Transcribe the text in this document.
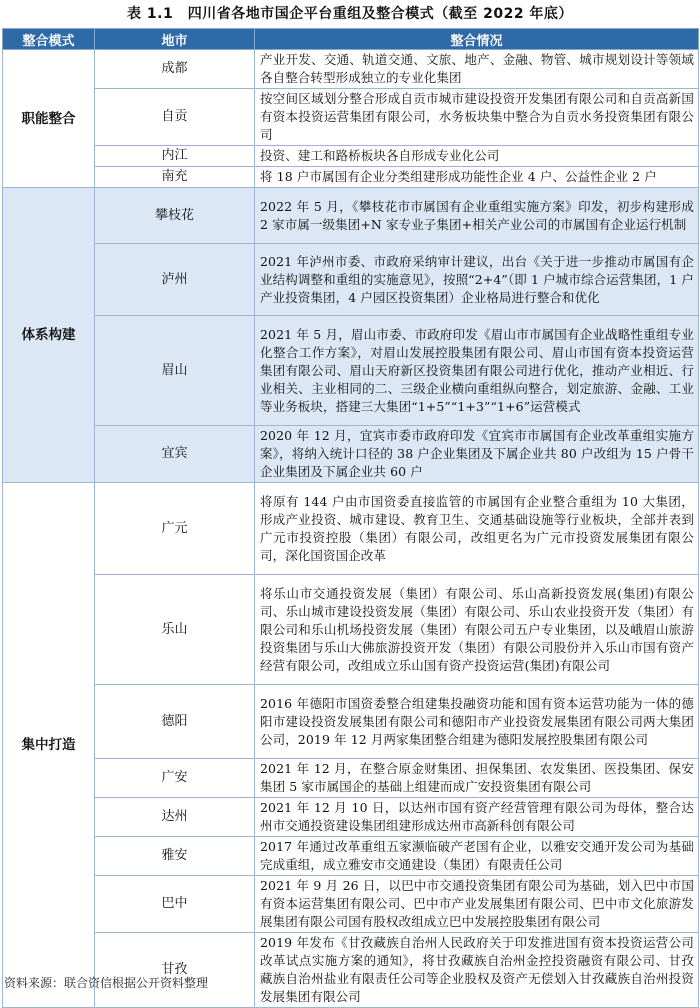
表 1.1　四川省各地市国企平台重组及整合模式（截至 2022 年底）
整合模式	地市	整合情况
职能整合	成都	产业开发、交通、轨道交通、文旅、地产、金融、物管、城市规划设计等领域各自整合转型形成独立的专业化集团
	自贡	按空间区域划分整合形成自贡市城市建设投资开发集团有限公司和自贡高新国有资本投资运营集团有限公司，水务板块集中整合为自贡水务投资集团有限公司
	内江	投资、建工和路桥板块各自形成专业化公司
	南充	将 18 户市属国有企业分类组建形成功能性企业 4 户、公益性企业 2 户
体系构建	攀枝花	2022 年 5 月，《攀枝花市市属国有企业重组实施方案》印发，初步构建形成 2 家市属一级集团+N 家专业子集团+相关产业公司的市属国有企业运行机制
	泸州	2021 年泸州市委、市政府采纳审计建议，出台《关于进一步推动市属国有企业结构调整和重组的实施意见》，按照“2+4”（即 1 户城市综合运营集团，1 户产业投资集团，4 户园区投资集团）企业格局进行整合和优化
	眉山	2021 年 5 月，眉山市委、市政府印发《眉山市市属国有企业战略性重组专业化整合工作方案》，对眉山发展控股集团有限公司、眉山市国有资本投资运营集团有限公司、眉山天府新区投资集团有限公司进行优化，推动产业相近、行业相关、主业相同的二、三级企业横向重组纵向整合，划定旅游、金融、工业等业务板块，搭建三大集团“1+5”“1+3”“1+6”运营模式
	宜宾	2020 年 12 月，宜宾市委市政府印发《宜宾市市属国有企业改革重组实施方案》，将纳入统计口径的 38 户企业集团及下属企业共 80 户改组为 15 户骨干企业集团及下属企业共 60 户
集中打造	广元	将原有 144 户由市国资委直接监管的市属国有企业整合重组为 10 大集团，形成产业投资、城市建设、教育卫生、交通基础设施等行业板块，全部并表到广元市投资控股（集团）有限公司，改组更名为广元市投资发展集团有限公司，深化国资国企改革
	乐山	将乐山市交通投资发展（集团）有限公司、乐山高新投资发展(集团)有限公司、乐山城市建设投资发展（集团）有限公司、乐山农业投资开发（集团）有限公司和乐山机场投资发展（集团）有限公司五户专业集团，以及峨眉山旅游投资集团与乐山大佛旅游投资开发（集团）有限公司股份并入乐山市国有资产经营有限公司，改组成立乐山国有资产投资运营(集团)有限公司
	德阳	2016 年德阳市国资委整合组建集投融资功能和国有资本运营功能为一体的德阳市建设投资发展集团有限公司和德阳市产业投资发展集团有限公司两大集团公司，2019 年 12 月两家集团整合组建为德阳发展控股集团有限公司
	广安	2021 年 12 月，在整合原金财集团、担保集团、农发集团、医投集团、保安集团 5 家市属国企的基础上组建而成广安投资集团有限公司
	达州	2021 年 12 月 10 日，以达州市国有资产经营管理有限公司为母体，整合达州市交通投资建设集团组建形成达州市高新科创有限公司
	雅安	2017 年通过改革重组五家濒临破产老国有企业，以雅安交通开发公司为基础完成重组，成立雅安市交通建设（集团）有限责任公司
	巴中	2021 年 9 月 26 日，以巴中市交通投资集团有限公司为基础，划入巴中市国有资本运营集团有限公司、巴中市产业发展集团有限公司、巴中市文化旅游发展集团有限公司国有股权改组成立巴中发展控股集团有限公司
	甘孜	2019 年发布《甘孜藏族自治州人民政府关于印发推进国有资本投资运营公司改革试点实施方案的通知》，将甘孜藏族自治州金控投资融资有限公司、甘孜藏族自治州盐业有限责任公司等企业股权及资产无偿划入甘孜藏族自治州投资发展集团有限公司
资料来源：联合资信根据公开资料整理
